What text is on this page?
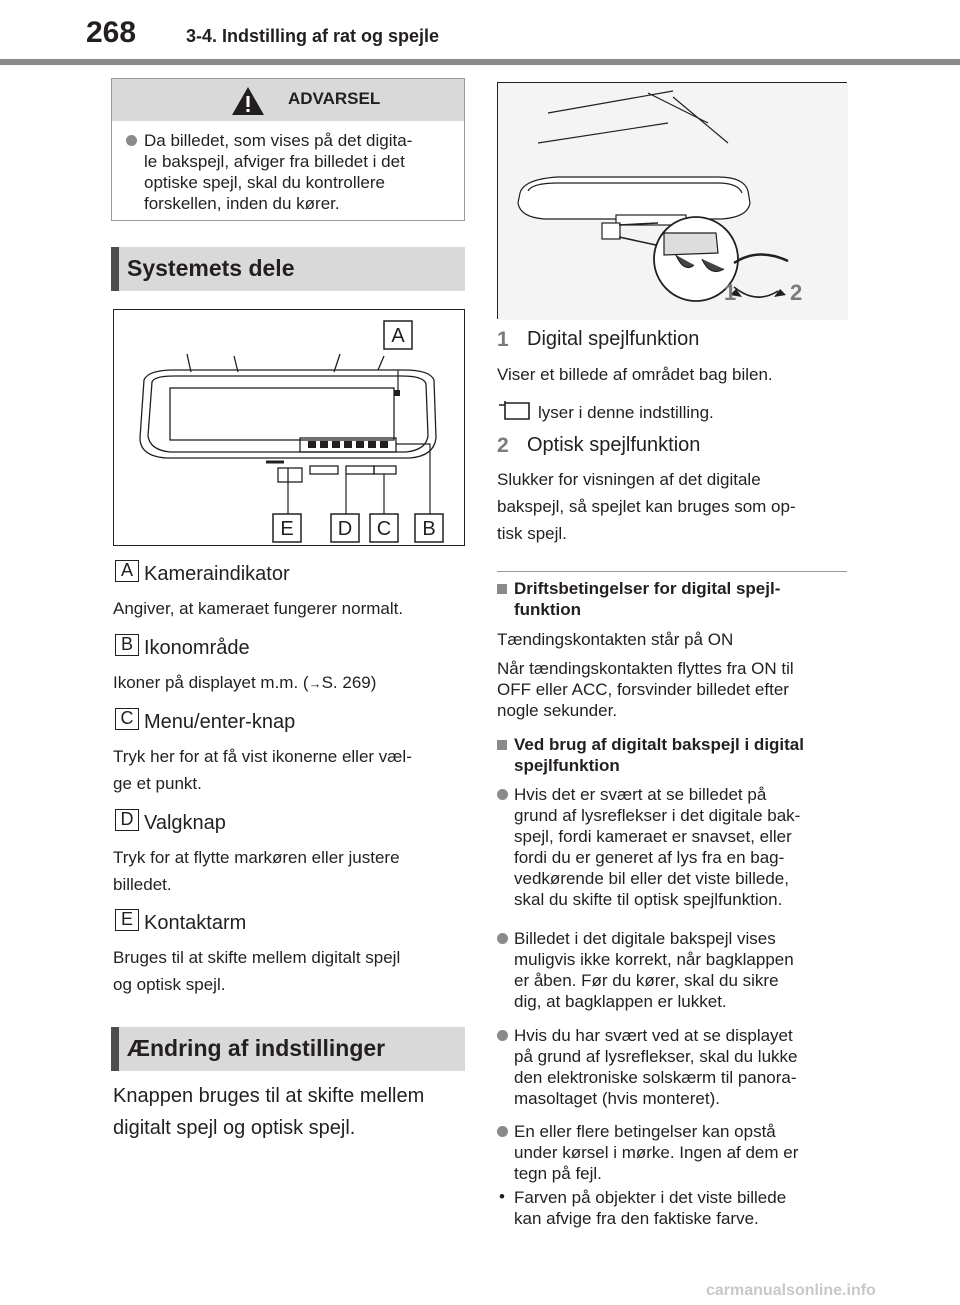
268	3-4. Indstilling af rat og spejle
ADVARSEL
Da billedet, som vises på det digita-
le bakspejl, afviger fra billedet i det
optiske spejl, skal du kontrollere
forskellen, inden du kører.
Systemets dele
A
E D C B
A Kameraindikator
Angiver, at kameraet fungerer normalt.
B Ikonområde
Ikoner på displayet m.m. (→S. 269)
C Menu/enter-knap
Tryk her for at få vist ikonerne eller væl-
ge et punkt.
D Valgknap
Tryk for at flytte markøren eller justere
billedet.
E Kontaktarm
Bruges til at skifte mellem digitalt spejl
og optisk spejl.
Ændring af indstillinger
Knappen bruges til at skifte mellem
digitalt spejl og optisk spejl.
1 2
1 Digital spejlfunktion
Viser et billede af området bag bilen.
lyser i denne indstilling.
2 Optisk spejlfunktion
Slukker for visningen af det digitale
bakspejl, så spejlet kan bruges som op-
tisk spejl.
Driftsbetingelser for digital spejl-
funktion
Tændingskontakten står på ON
Når tændingskontakten flyttes fra ON til
OFF eller ACC, forsvinder billedet efter
nogle sekunder.
Ved brug af digitalt bakspejl i digital
spejlfunktion
Hvis det er svært at se billedet på
grund af lysreflekser i det digitale bak-
spejl, fordi kameraet er snavset, eller
fordi du er generet af lys fra en bag-
vedkørende bil eller det viste billede,
skal du skifte til optisk spejlfunktion.
Billedet i det digitale bakspejl vises
muligvis ikke korrekt, når bagklappen
er åben. Før du kører, skal du sikre
dig, at bagklappen er lukket.
Hvis du har svært ved at se displayet
på grund af lysreflekser, skal du lukke
den elektroniske solskærm til panora-
masoltaget (hvis monteret).
En eller flere betingelser kan opstå
under kørsel i mørke. Ingen af dem er
tegn på fejl.
• Farven på objekter i det viste billede
kan afvige fra den faktiske farve.
carmanualsonline.info
